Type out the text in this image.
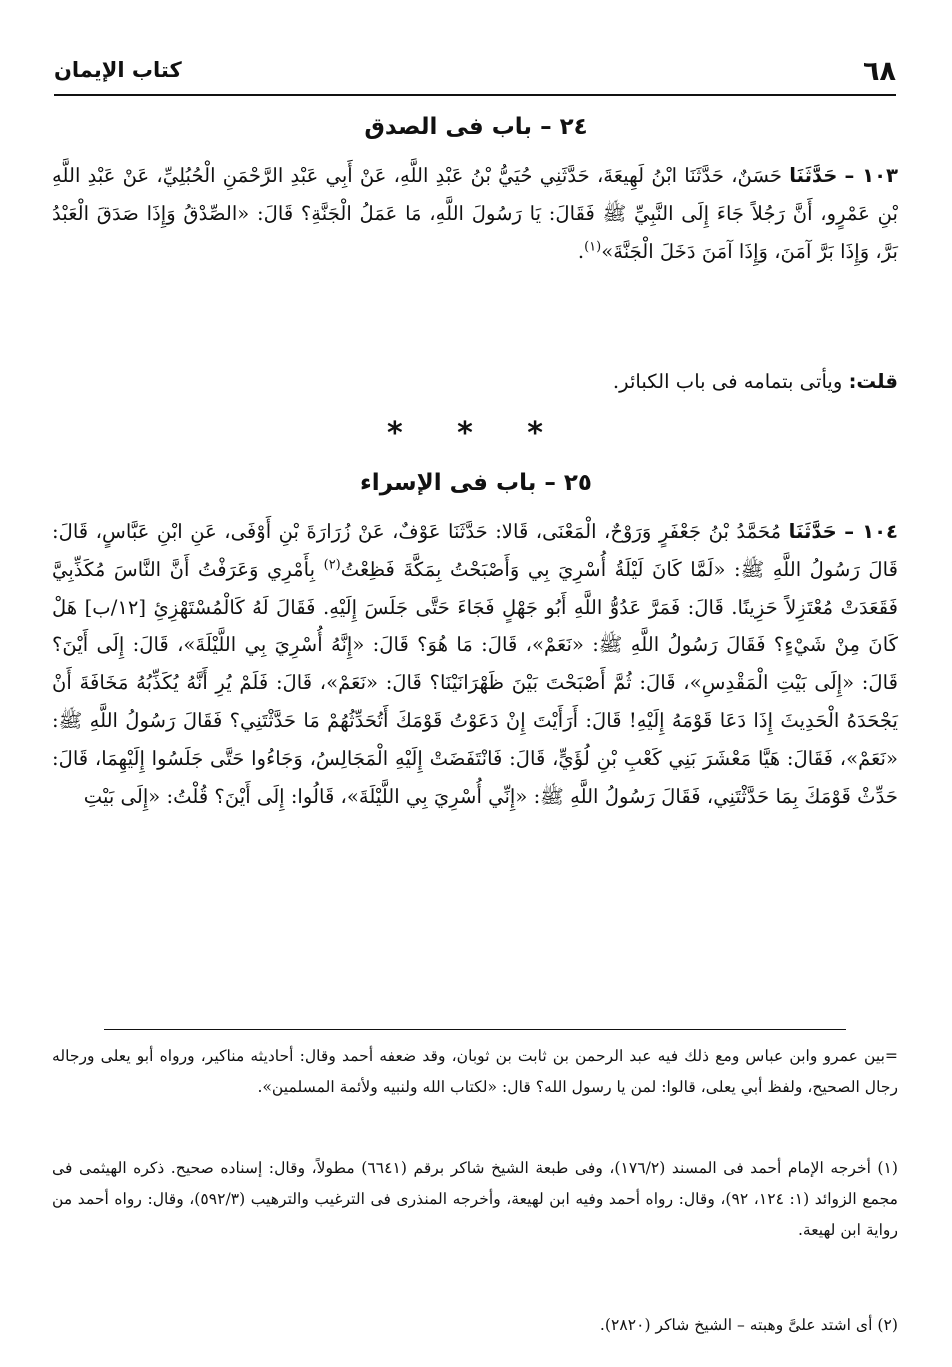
٦٨
كتاب الإيمان
٢٤ – باب فى الصدق

١٠٣ – حَدَّثَنَا حَسَنٌ، حَدَّثَنَا ابْنُ لَهِيعَةَ، حَدَّثَنِي حُيَيُّ بْنُ عَبْدِ اللَّهِ، عَنْ أَبِي عَبْدِ الرَّحْمَنِ الْحُبُلِيِّ، عَنْ عَبْدِ اللَّهِ بْنِ عَمْرٍو، أَنَّ رَجُلاً جَاءَ إِلَى النَّبِيِّ ﷺ فَقَالَ: يَا رَسُولَ اللَّهِ، مَا عَمَلُ الْجَنَّةِ؟ قَالَ: «الصِّدْقُ وَإِذَا صَدَقَ الْعَبْدُ بَرَّ، وَإِذَا بَرَّ آمَنَ، وَإِذَا آمَنَ دَخَلَ الْجَنَّةَ»$^{(١)}$.

قلت: ويأتى بتمامه فى باب الكبائر.

* * *
٢٥ – باب فى الإسراء

١٠٤ – حَدَّثَنَا مُحَمَّدُ بْنُ جَعْفَرٍ وَرَوْحٌ، الْمَعْنَى، قَالا: حَدَّثَنَا عَوْفٌ، عَنْ زُرَارَةَ بْنِ أَوْفَى، عَنِ ابْنِ عَبَّاسٍ، قَالَ: قَالَ رَسُولُ اللَّهِ ﷺ: «لَمَّا كَانَ لَيْلَةُ أُسْرِيَ بِي وَأَصْبَحْتُ بِمَكَّةَ فَظِعْتُ$^{(٢)}$ بِأَمْرِي وَعَرَفْتُ أَنَّ النَّاسَ مُكَذِّبِيَّ فَقَعَدَتْ مُعْتَزِلاً حَزِينًا. قَالَ: فَمَرَّ عَدُوُّ اللَّهِ أَبُو جَهْلٍ فَجَاءَ حَتَّى جَلَسَ إِلَيْهِ. فَقَالَ لَهُ كَالْمُسْتَهْزِئِ [١٢/ب] هَلْ كَانَ مِنْ شَيْءٍ؟ فَقَالَ رَسُولُ اللَّهِ ﷺ: «نَعَمْ»، قَالَ: مَا هُوَ؟ قَالَ: «إِنَّهُ أُسْرِيَ بِي اللَّيْلَةَ»، قَالَ: إِلَى أَيْنَ؟ قَالَ: «إِلَى بَيْتِ الْمَقْدِسِ»، قَالَ: ثُمَّ أَصْبَحْتَ بَيْنَ ظَهْرَانَيْنَا؟ قَالَ: «نَعَمْ»، قَالَ: فَلَمْ يُرِ أَنَّهُ يُكَذِّبُهُ مَخَافَةَ أَنْ يَجْحَدَهُ الْحَدِيثَ إِذَا دَعَا قَوْمَهُ إِلَيْهِ! قَالَ: أَرَأَيْتَ إِنْ دَعَوْتُ قَوْمَكَ أَتُحَدِّثُهُمْ مَا حَدَّثْتَنِي؟ فَقَالَ رَسُولُ اللَّهِ ﷺ: «نَعَمْ»، فَقَالَ: هَيَّا مَعْشَرَ بَنِي كَعْبِ بْنِ لُؤَيٍّ، قَالَ: فَانْتَفَضَتْ إِلَيْهِ الْمَجَالِسُ، وَجَاءُوا حَتَّى جَلَسُوا إِلَيْهِمَا، قَالَ: حَدِّثْ قَوْمَكَ بِمَا حَدَّثْتَنِي، فَقَالَ رَسُولُ اللَّهِ ﷺ: «إِنِّي أُسْرِيَ بِي اللَّيْلَةَ»، قَالُوا: إِلَى أَيْنَ؟ قُلْتُ: «إِلَى بَيْتِ

=بين عمرو وابن عباس ومع ذلك فيه عبد الرحمن بن ثابت بن ثوبان، وقد ضعفه أحمد وقال: أحاديثه مناكير، ورواه أبو يعلى ورجاله رجال الصحيح، ولفظ أبي يعلى، قالوا: لمن يا رسول الله؟ قال: «لكتاب الله ولنبيه ولأئمة المسلمين».

(١) أخرجه الإمام أحمد فى المسند (١٧٦/٢)، وفى طبعة الشيخ شاكر برقم (٦٦٤١) مطولاً، وقال: إسناده صحيح. ذكره الهيثمى فى مجمع الزوائد (١: ١٢٤، ٩٢)، وقال: رواه أحمد وفيه ابن لهيعة، وأخرجه المنذرى فى الترغيب والترهيب (٥٩٢/٣)، وقال: رواه أحمد من رواية ابن لهيعة.

(٢) أى اشتد علىَّ وهبته – الشيخ شاكر (٢٨٢٠).
